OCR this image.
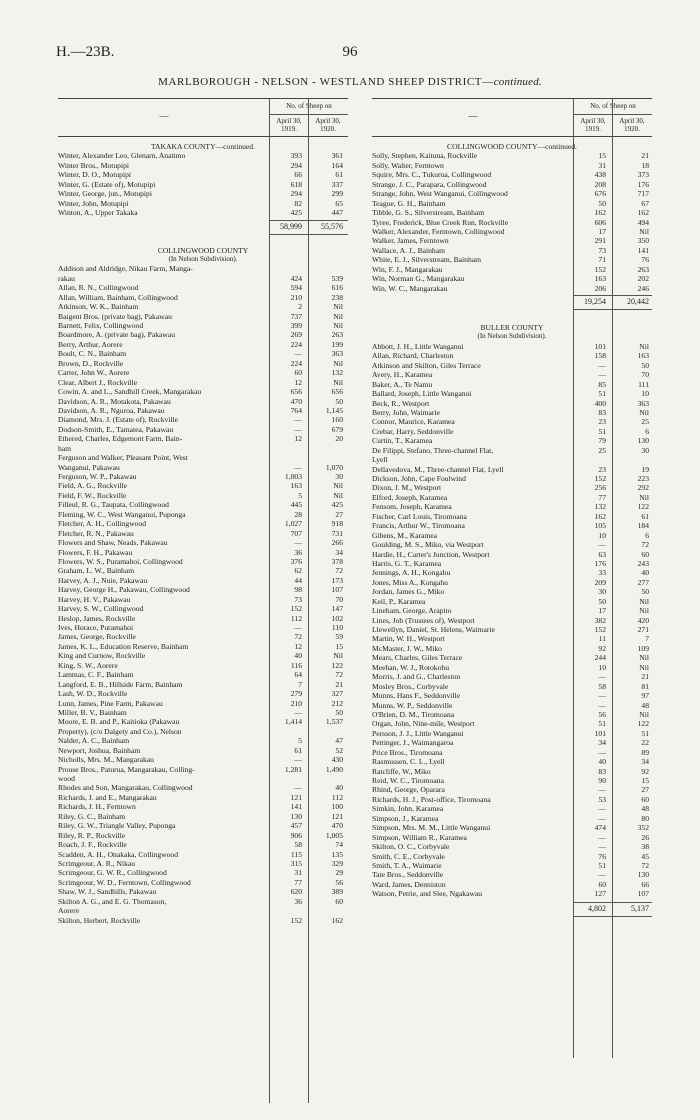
H.—23B.	96
MARLBOROUGH - NELSON - WESTLAND SHEEP DISTRICT—continued.
No. of Sheep on
April 30, 1919.
April 30, 1920.
—
TAKAKA COUNTY—continued.
Winter, Alexander Leo, Glenarn, Anatimo	393	361
Winter Bros., Motupipi	294	164
Winter, D. O., Motupipi	66	61
Winter, G. (Estate of), Motupipi	618	337
Winter, George, jun., Motupipi	294	299
Winter, John, Motupipi	82	65
Winton, A., Upper Takaka	425	447
58,999	55,576
COLLINGWOOD COUNTY
(In Nelson Subdivision).
Addison and Aldridge, Nikau Farm, Manga-
rakau	424	539
Allan, R. N., Collingwood	594	616
Allan, William, Bainham, Collingwood	210	238
Atkinson, W. K., Bainham	2	Nil
Baigent Bros. (private bag), Pakawau	737	Nil
Barnett, Felix, Collingwood	399	Nil
Boardmore, A. (private bag), Pakawau	269	263
Berry, Arthur, Aorere	224	199
Boult, C. N., Bainham	—	363
Brown, D., Rockville	224	Nil
Carter, John W., Aorere	60	132
Clear, Albert J., Rockville	12	Nil
Cowin, A. and L., Sandhill Creek, Mangarakau	656	656
Davidson, A. R., Motakota, Pakawau	470	50
Davidson, A. R., Nguroa, Pakawau	764	1,145
Diamond, Mrs. J. (Estate of), Rockville	—	160
Dodson-Smith, E., Tamatea, Pakawau	—	679
Ethered, Charles, Edgemont Farm, Bain-	12	20
ham
Ferguson and Walker, Pleasant Point, West
Wanganui, Pakawau	—	1,070
Ferguson, W. P., Pakawau	1,003	30
Field, A. G., Rockville	163	Nil
Field, F. W., Rockville	5	Nil
Filleul, R. G., Taupata, Collingwood	445	425
Fleming, W. C., West Wanganui, Puponga	28	27
Fletcher, A. H., Collingwood	1,027	918
Fletcher, R. N., Pakawau	707	731
Flowers and Shaw, Neads, Pakawau	—	266
Flowers, F. H., Pakawau	36	34
Flowers, W. S., Puramahoi, Collingwood	376	378
Graham, L. W., Bainham	62	72
Harvey, A. J., Nuie, Pakawau	44	173
Harvey, George H., Pakawau, Collingwood	98	107
Harvey, H. V., Pakawau	73	70
Harvey, S. W., Collingwood	152	147
Heslop, James, Rockville	112	102
Ives, Horace, Puramahoi	—	110
James, George, Rockville	72	59
James, K. L., Education Reserve, Bainham	12	15
King and Curnow, Rockville	40	Nil
King, S. W., Aorere	116	122
Lammas, C. F., Bainham	64	72
Langford, E. B., Hillside Farm, Bainham	7	21
Lash, W. D., Rockville	279	327
Lunn, James, Pine Farm, Pakawau	210	212
Miller, B. V., Bainham	—	50
Moore, E. B. and P., Kaitioka (Pakawau	1,414	1,537
Property), (c/o Dalgety and Co.), Nelson
Nalder, A. C., Bainham	5	47
Newport, Joshua, Bainham	61	52
Nicholls, Mrs. M., Mangarakau	—	430
Prouse Bros., Paturua, Mangarakau, Colling-	1,281	1,490
wood
Rhodes and Son, Mangarakau, Collingwood	—	40
Richards, J. and E., Mangarakau	121	112
Richards, J. H., Ferntown	141	100
Riley, G. C., Bainham	130	121
Riley, G. W., Triangle Valley, Puponga	457	470
Riley, R. P., Rockville	906	1,005
Roach, J. F., Rockville	58	74
Scadden, A. H., Onakaka, Collingwood	115	135
Scrimgeour, A. R., Nikau	315	329
Scrimgeour, G. W. R., Collingwood	31	29
Scrimgeour, W. D., Ferntown, Collingwood	77	56
Shaw, W. J., Sandhills, Pakawau	620	389
Skilton A. G., and E. G. Thomason,	36	60
Aorere
Skilton, Herbert, Rockville	152	162
No. of Sheep on
April 30, 1919.
April 30, 1920.
—
COLLINGWOOD COUNTY—continued.
Solly, Stephen, Kaituna, Rockville	15	21
Solly, Walter, Ferntown	31	18
Squire, Mrs. C., Tukurua, Collingwood	438	373
Strange, J. C., Parapara, Collingwood	208	176
Strange, John, West Wanganui, Collingwood	676	717
Teague, G. H., Bainham	50	67
Tibble, G. S., Silverstream, Bainham	162	162
Tyree, Frederick, Blue Creek Run, Rockville	606	494
Walker, Alexander, Ferntown, Collingwood	17	Nil
Walker, James, Ferntown	291	350
Wallace, A. J., Bainham	73	141
White, E. J., Silverstream, Bainham	71	76
Win, F. J., Mangarakau	152	263
Win, Norman G., Mangarakau	163	202
Win, W. C., Mangarakau	206	246
19,254	20,442
BULLER COUNTY
(In Nelson Subdivision).
Abbott, J. H., Little Wanganui	101	Nil
Allan, Richard, Charleston	158	163
Atkinson and Skilton, Giles Terrace	—	50
Avery, H., Karamea	—	70
Baker, A., Te Namu	85	111
Ballard, Joseph, Little Wanganui	51	10
Beck, R., Westport	400	363
Berry, John, Waimarie	83	Nil
Connor, Maurice, Karamea	23	25
Crebar, Harry, Seddonville	51	6
Curtin, T., Karamea	79	130
De Filippi, Stefano, Three-channel Flat,	25	30
Lyell
Dellavedova, M., Three-channel Flat, Lyell	23	19
Dickson, John, Cape Foulwind	152	223
Dixon, J. M., Westport	256	292
Elford, Joseph, Karamea	77	Nil
Fensom, Joseph, Karamea	132	122
Fischer, Carl Louis, Tiromoana	162	61
Francis, Arthur W., Tiromoana	105	184
Gibens, M., Karamea	10	6
Goulding, M. S., Miko, via Westport	—	72
Hardie, H., Carter's Junction, Westport	63	60
Harris, G. T., Karamea	176	243
Jennings, A. H., Kongahu	33	40
Jones, Miss A., Kongahu	209	277
Jordan, James G., Miko	30	50
Keil, P., Karamea	50	Nil
Lineham, George, Arapito	17	Nil
Lines, Job (Trustees of), Westport	382	420
Llewellyn, Daniel, St. Helens, Waimarie	152	271
Martin, W. H., Westport	11	7
McMaster, J. W., Miko	92	109
Mears, Charles, Giles Terrace	244	Nil
Meehan, W. J., Rotokohu	10	Nil
Morris, J. and G., Charleston	—	21
Mosley Bros., Corbyvale	58	81
Munns, Hans F., Seddonville	—	97
Munns, W. P., Seddonville	—	48
O'Brien, D. M., Tiromoana	56	Nil
Organ, John, Nine-mile, Westport	51	122
Persson, J. J., Little Wanganui	101	51
Pettinger, J., Waimangaroa	34	22
Price Bros., Tiromoana	—	89
Rasmussen, C. L., Lyell	40	34
Ratcliffe, W., Miko	83	92
Reid, W. C., Tiromoana	90	15
Rhind, George, Oparara	—	27
Richards, H. J., Post-office, Tiromoana	53	60
Simkin, John, Karamea	—	48
Simpson, J., Karamea	—	80
Simpson, Mrs. M. M., Little Wanganui	474	352
Simpson, William R., Karamea	—	26
Skilton, O. C., Corbyvale	—	38
Smith, C. E., Corbyvale	76	45
Smith, T. A., Waimarie	51	72
Tate Bros., Seddonville	—	130
Ward, James, Denniston	60	66
Watson, Petrie, and Slee, Ngakawau	127	107
4,802	5,137
